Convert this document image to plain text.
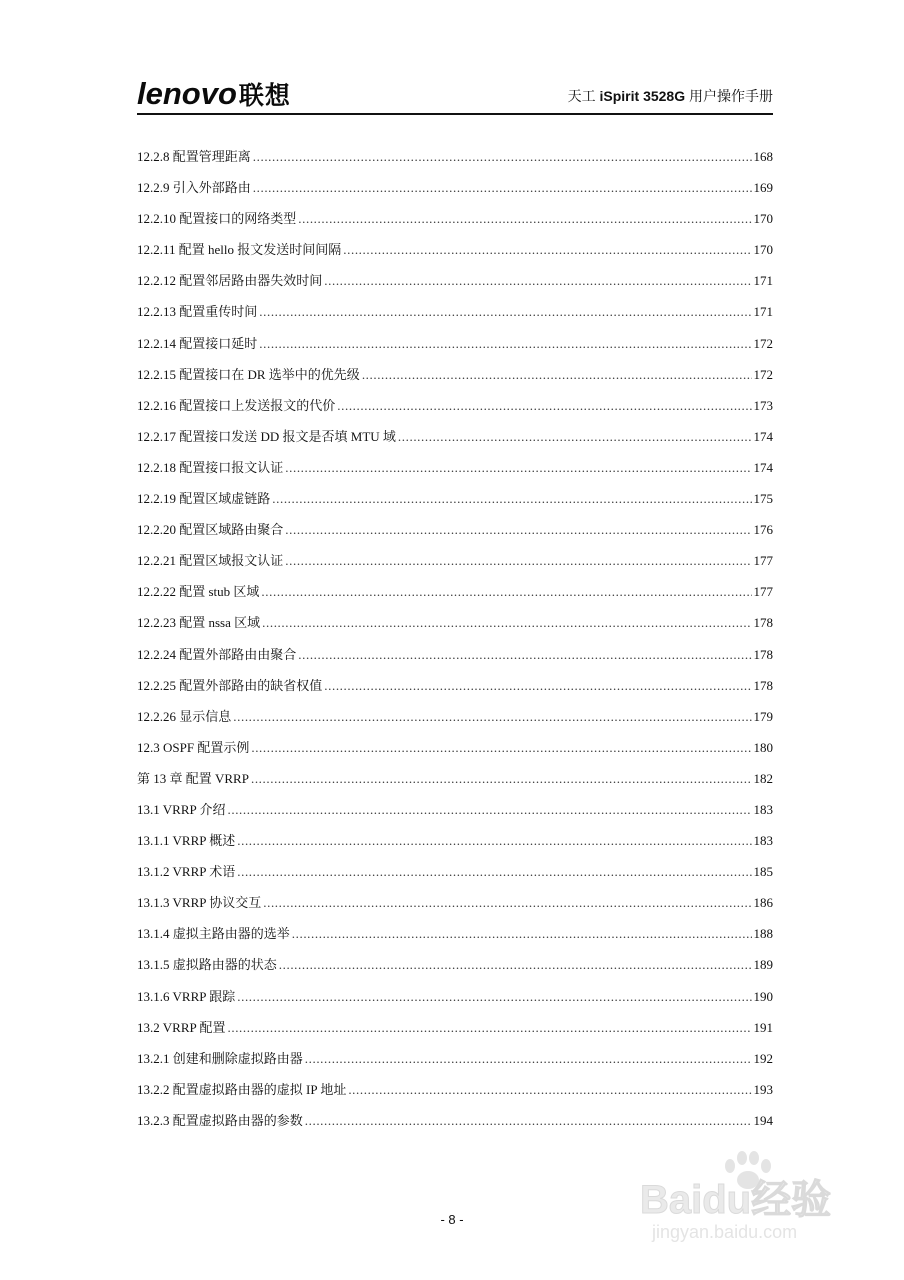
lenovo联想	天工 iSpirit 3528G 用户操作手册
12.2.8 配置管理距离 .....	168
12.2.9 引入外部路由 .....	169
12.2.10 配置接口的网络类型 .....	170
12.2.11 配置 hello 报文发送时间间隔 .....	170
12.2.12 配置邻居路由器失效时间 .....	171
12.2.13 配置重传时间 .....	171
12.2.14 配置接口延时 .....	172
12.2.15 配置接口在 DR 选举中的优先级 .....	172
12.2.16 配置接口上发送报文的代价 .....	173
12.2.17 配置接口发送 DD 报文是否填 MTU 域 .....	174
12.2.18 配置接口报文认证 .....	174
12.2.19 配置区域虚链路 .....	175
12.2.20 配置区域路由聚合 .....	176
12.2.21 配置区域报文认证 .....	177
12.2.22 配置 stub 区域 .....	177
12.2.23 配置 nssa 区域 .....	178
12.2.24 配置外部路由由聚合 .....	178
12.2.25 配置外部路由的缺省权值 .....	178
12.2.26 显示信息 .....	179
12.3 OSPF 配置示例 .....	180
第 13 章 配置 VRRP .....	182
13.1 VRRP 介绍 .....	183
13.1.1 VRRP 概述 .....	183
13.1.2 VRRP 术语 .....	185
13.1.3 VRRP 协议交互 .....	186
13.1.4 虚拟主路由器的选举 .....	188
13.1.5 虚拟路由器的状态 .....	189
13.1.6 VRRP 跟踪 .....	190
13.2 VRRP 配置 .....	191
13.2.1 创建和删除虚拟路由器 .....	192
13.2.2 配置虚拟路由器的虚拟 IP 地址 .....	193
13.2.3 配置虚拟路由器的参数 .....	194
- 8 -	Baidu经验
jingyan.baidu.com
